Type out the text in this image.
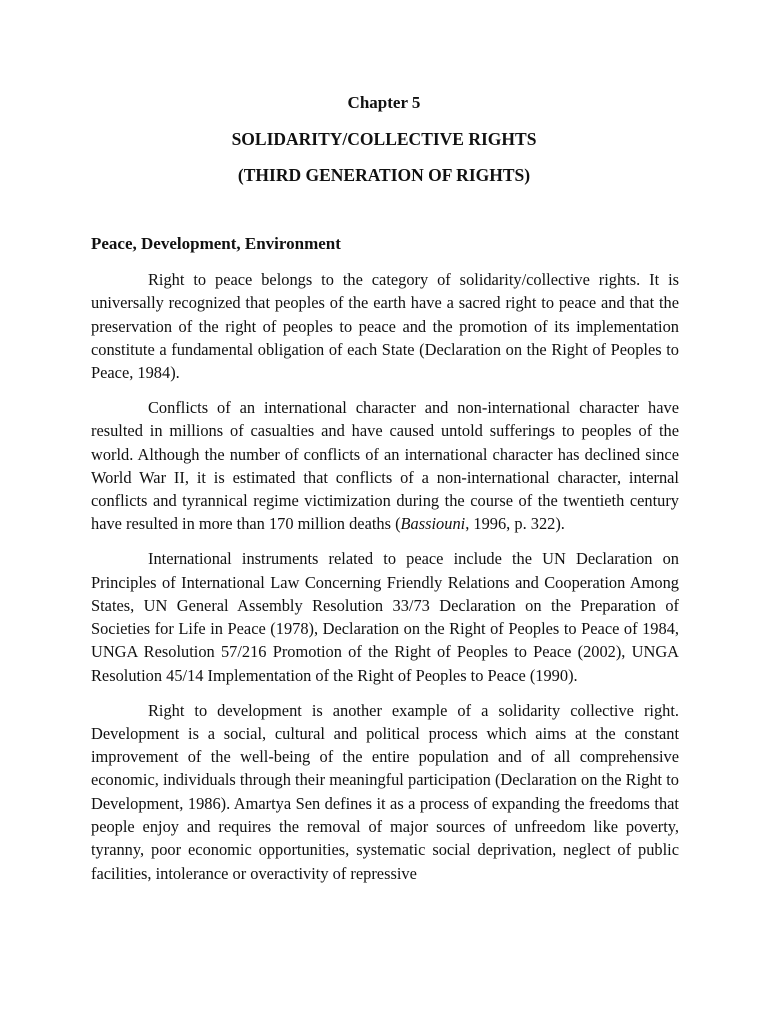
Chapter 5
SOLIDARITY/COLLECTIVE RIGHTS
(THIRD GENERATION OF RIGHTS)
Peace, Development, Environment

Right to peace belongs to the category of solidarity/collective rights. It is universally recognized that peoples of the earth have a sacred right to peace and that the preservation of the right of peoples to peace and the promotion of its implementation constitute a fundamental obligation of each State (Declaration on the Right of Peoples to Peace, 1984).

Conflicts of an international character and non-international character have resulted in millions of casualties and have caused untold sufferings to peoples of the world. Although the number of conflicts of an international character has declined since World War II, it is estimated that conflicts of a non-international character, internal conflicts and tyrannical regime victimization during the course of the twentieth century have resulted in more than 170 million deaths (Bassiouni, 1996, p. 322).

International instruments related to peace include the UN Declaration on Principles of International Law Concerning Friendly Relations and Cooperation Among States, UN General Assembly Resolution 33/73 Declaration on the Preparation of Societies for Life in Peace (1978), Declaration on the Right of Peoples to Peace of 1984, UNGA Resolution 57/216 Promotion of the Right of Peoples to Peace (2002), UNGA Resolution 45/14 Implementation of the Right of Peoples to Peace (1990).

Right to development is another example of a solidarity collective right. Development is a social, cultural and political process which aims at the constant improvement of the well-being of the entire population and of all comprehensive economic, individuals through their meaningful participation (Declaration on the Right to Development, 1986). Amartya Sen defines it as a process of expanding the freedoms that people enjoy and requires the removal of major sources of unfreedom like poverty, tyranny, poor economic opportunities, systematic social deprivation, neglect of public facilities, intolerance or overactivity of repressive
